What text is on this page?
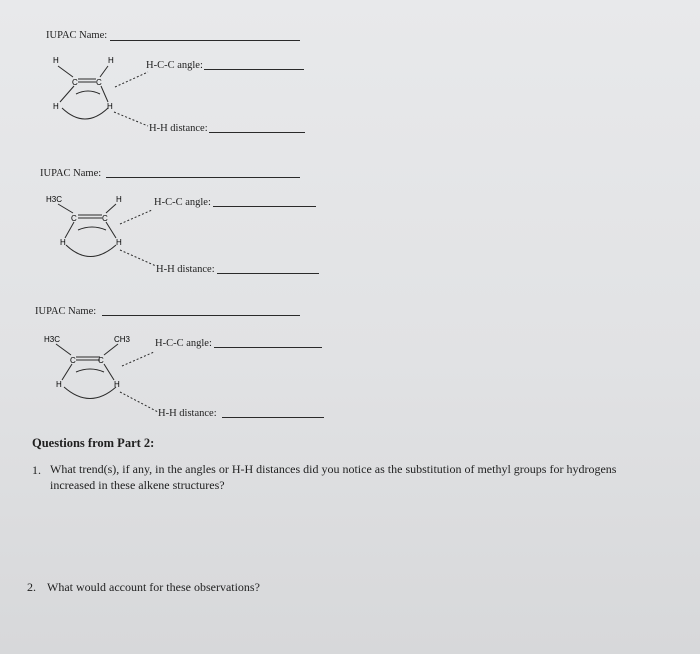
IUPAC Name:
H	H
H	H
C C
H-C-C angle:
H-H distance:
IUPAC Name:
H3C	H
H	H
C	C
H-C-C angle:
H-H distance:
IUPAC Name:
H3C	CH3
H	H
C	C
H-C-C angle:
H-H distance:
Questions from Part 2:
1. What trend(s), if any, in the angles or H-H distances did you notice as the substitution of methyl groups for hydrogens
increased in these alkene structures?
2. What would account for these observations?
